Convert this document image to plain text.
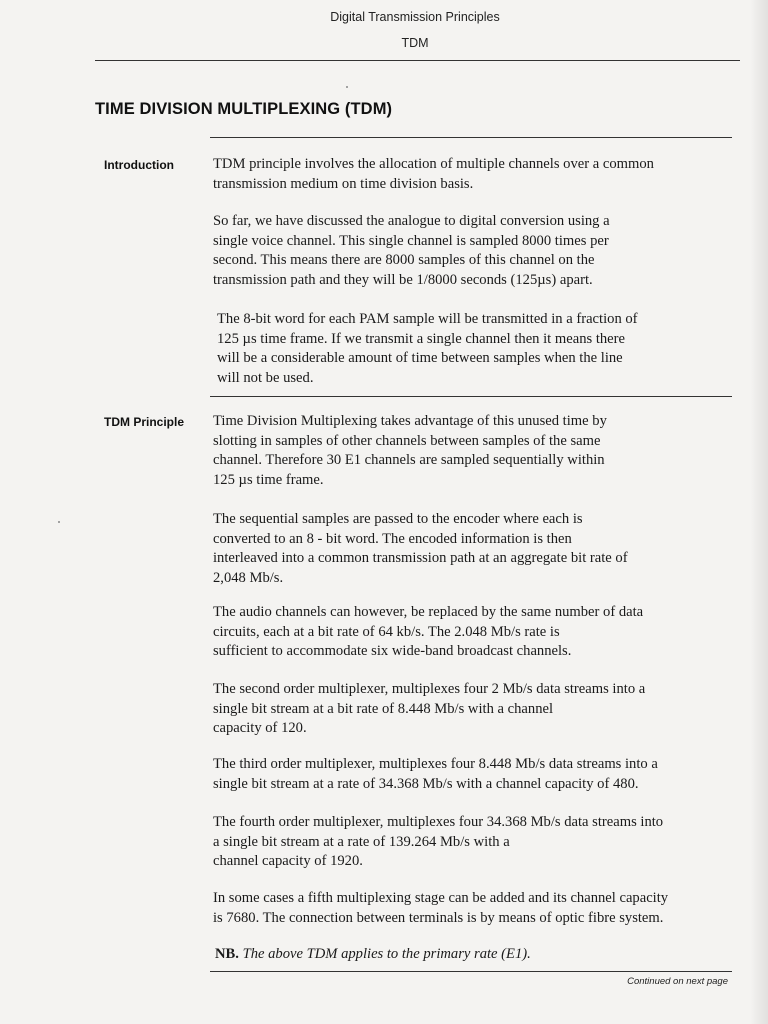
Digital Transmission Principles
TDM
TIME DIVISION MULTIPLEXING (TDM)
Introduction	TDM principle involves the allocation of multiple channels over a common
transmission medium on time division basis.
So far, we have discussed the analogue to digital conversion using a
single voice channel. This single channel is sampled 8000 times per
second. This means there are 8000 samples of this channel on the
transmission path and they will be 1/8000 seconds (125µs) apart.
The 8-bit word for each PAM sample will be transmitted in a fraction of
125 µs time frame. If we transmit a single channel then it means there
will be a considerable amount of time between samples when the line
will not be used.
TDM Principle Time Division Multiplexing takes advantage of this unused time by
slotting in samples of other channels between samples of the same
channel. Therefore 30 E1 channels are sampled sequentially within
125 µs time frame.
The sequential samples are passed to the encoder where each is
converted to an 8 - bit word. The encoded information is then
interleaved into a common transmission path at an aggregate bit rate of
2,048 Mb/s.
The audio channels can however, be replaced by the same number of data
circuits, each at a bit rate of 64 kb/s. The 2.048 Mb/s rate is
sufficient to accommodate six wide-band broadcast channels.
The second order multiplexer, multiplexes four 2 Mb/s data streams into a
single bit stream at a bit rate of 8.448 Mb/s with a channel
capacity of 120.
The third order multiplexer, multiplexes four 8.448 Mb/s data streams into a
single bit stream at a rate of 34.368 Mb/s with a channel capacity of 480.
The fourth order multiplexer, multiplexes four 34.368 Mb/s data streams into
a single bit stream at a rate of 139.264 Mb/s with a
channel capacity of 1920.
In some cases a fifth multiplexing stage can be added and its channel capacity
is 7680. The connection between terminals is by means of optic fibre system.
NB. The above TDM applies to the primary rate (E1).
Continued on next page
